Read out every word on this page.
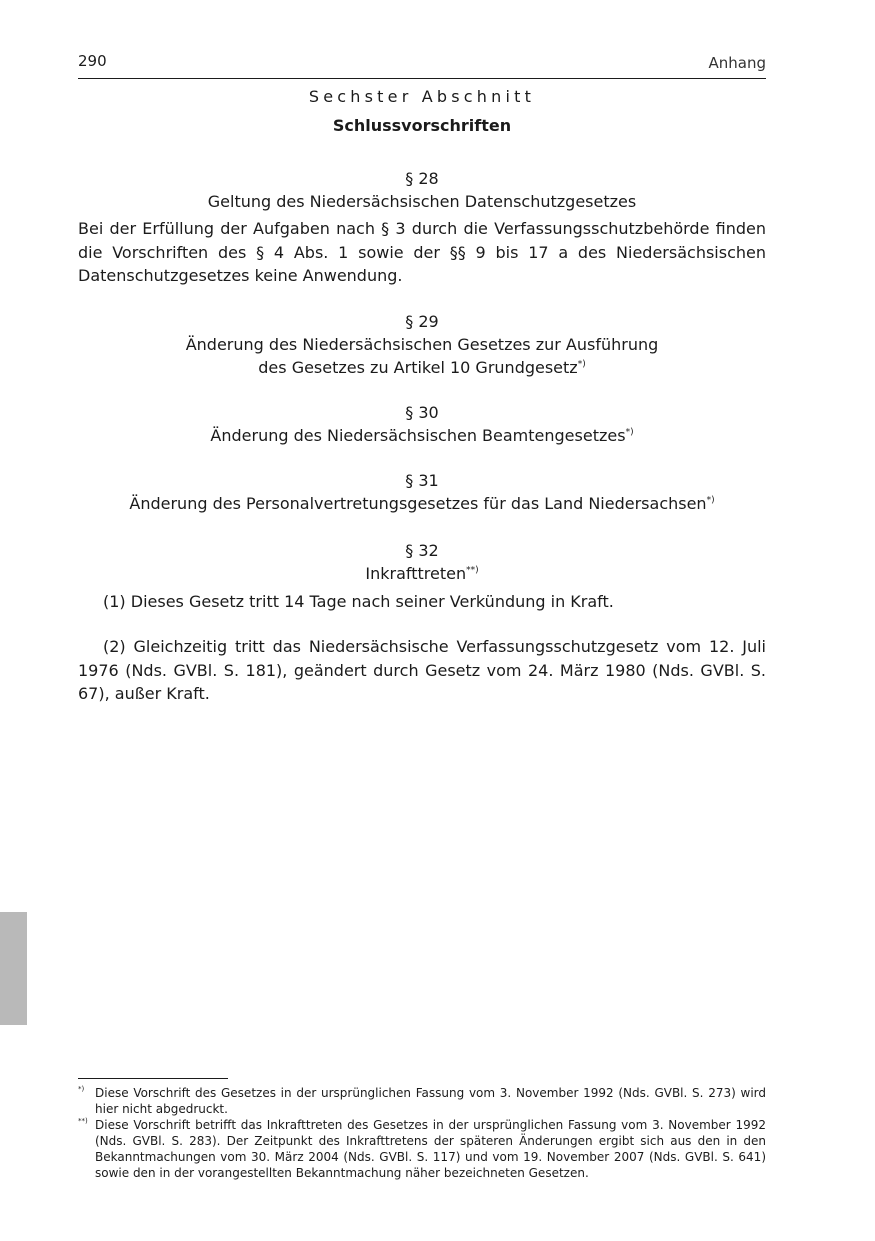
290	Anhang
Sechster Abschnitt
Schlussvorschriften
§ 28
Geltung des Niedersächsischen Datenschutzgesetzes
Bei der Erfüllung der Aufgaben nach § 3 durch die Verfassungsschutzbehörde finden die Vorschriften des § 4 Abs. 1 sowie der §§ 9 bis 17 a des Niedersächsischen Datenschutzgesetzes keine Anwendung.
§ 29
Änderung des Niedersächsischen Gesetzes zur Ausführung
des Gesetzes zu Artikel 10 Grundgesetz*)
§ 30
Änderung des Niedersächsischen Beamtengesetzes*)
§ 31
Änderung des Personalvertretungsgesetzes für das Land Niedersachsen*)
§ 32
Inkrafttreten**)
(1) Dieses Gesetz tritt 14 Tage nach seiner Verkündung in Kraft.
(2) Gleichzeitig tritt das Niedersächsische Verfassungsschutzgesetz vom 12. Juli 1976 (Nds. GVBl. S. 181), geändert durch Gesetz vom 24. März 1980 (Nds. GVBl. S. 67), außer Kraft.
*) Diese Vorschrift des Gesetzes in der ursprünglichen Fassung vom 3. November 1992 (Nds. GVBl. S. 273) wird hier nicht abgedruckt.
**) Diese Vorschrift betrifft das Inkrafttreten des Gesetzes in der ursprünglichen Fassung vom 3. November 1992 (Nds. GVBl. S. 283). Der Zeitpunkt des Inkrafttretens der späteren Änderungen ergibt sich aus den in den Bekanntmachungen vom 30. März 2004 (Nds. GVBl. S. 117) und vom 19. November 2007 (Nds. GVBl. S. 641) sowie den in der vorangestellten Bekanntmachung näher bezeichneten Gesetzen.
